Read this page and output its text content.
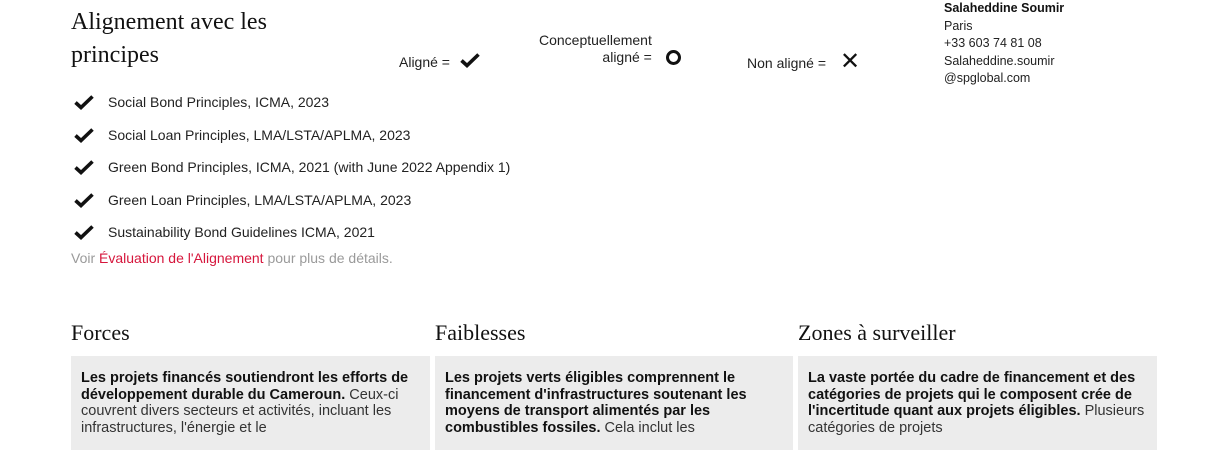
Alignement avec les principes	Aligné =
Conceptuellement
aligné =	Non aligné = ✕
Salaheddine Soumir
Paris
+33 603 74 81 08
Salaheddine.soumir
@spglobal.com
Social Bond Principles, ICMA, 2023
Social Loan Principles, LMA/LSTA/APLMA, 2023
Green Bond Principles, ICMA, 2021 (with June 2022 Appendix 1)
Green Loan Principles, LMA/LSTA/APLMA, 2023
Sustainability Bond Guidelines ICMA, 2021
Voir Évaluation de l'Alignement pour plus de détails.
Forces	Faiblesses	Zones à surveiller
Les projets financés soutiendront les efforts de développement durable du Cameroun. Ceux-ci couvrent divers secteurs et activités, incluant les infrastructures, l'énergie et le
Les projets verts éligibles comprennent le financement d'infrastructures soutenant les moyens de transport alimentés par les combustibles fossiles. Cela inclut les
La vaste portée du cadre de financement et des catégories de projets qui le composent crée de l'incertitude quant aux projets éligibles. Plusieurs catégories de projets
